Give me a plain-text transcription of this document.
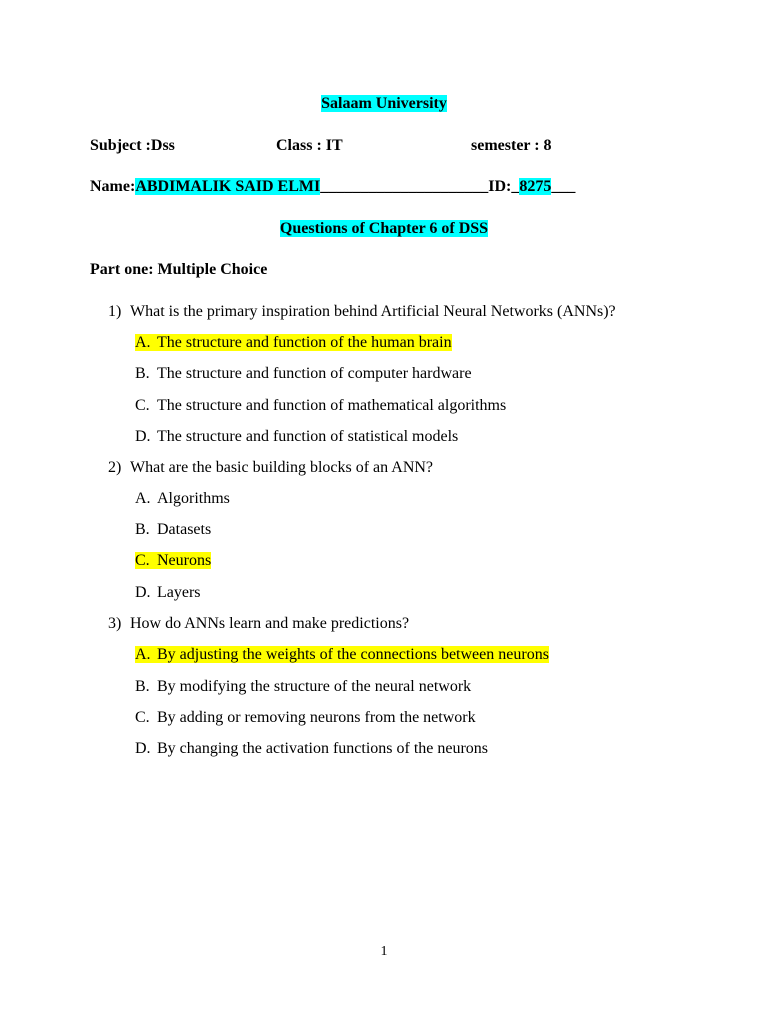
Salaam University
Subject :Dss	Class : IT	semester : 8
Name:ABDIMALIK SAID ELMI_____________________ID:_8275___
Questions of Chapter 6 of DSS
Part one: Multiple Choice
1) What is the primary inspiration behind Artificial Neural Networks (ANNs)?
A. The structure and function of the human brain
B. The structure and function of computer hardware
C. The structure and function of mathematical algorithms
D. The structure and function of statistical models
2) What are the basic building blocks of an ANN?
A. Algorithms
B. Datasets
C. Neurons
D. Layers
3) How do ANNs learn and make predictions?
A. By adjusting the weights of the connections between neurons
B. By modifying the structure of the neural network
C. By adding or removing neurons from the network
D. By changing the activation functions of the neurons
1
